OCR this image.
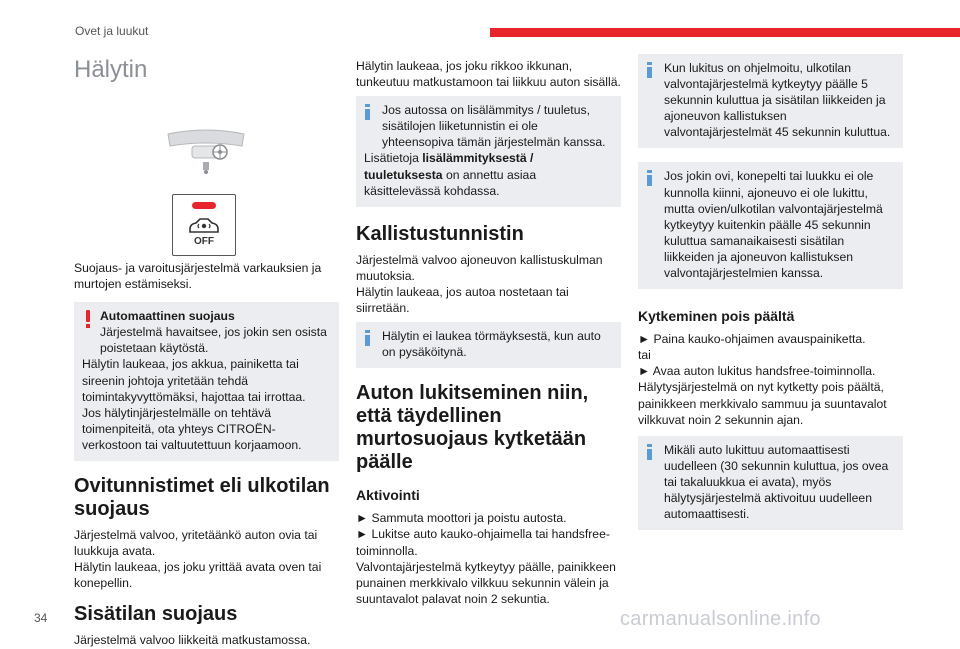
Ovet ja luukut
Hälytin
OFF

Suojaus- ja varoitusjärjestelmä varkauksien ja murtojen estämiseksi.

Automaattinen suojaus

Järjestelmä havaitsee, jos jokin sen osista poistetaan käytöstä.

Hälytin laukeaa, jos akkua, painiketta tai sireenin johtoja yritetään tehdä toimintakyvyttömäksi, hajottaa tai irrottaa.

Jos hälytinjärjestelmälle on tehtävä toimenpiteitä, ota yhteys CITROËN-verkostoon tai valtuutettuun korjaamoon.

Ovitunnistimet eli ulkotilan suojaus

Järjestelmä valvoo, yritetäänkö auton ovia tai luukkuja avata.

Hälytin laukeaa, jos joku yrittää avata oven tai konepellin.

Sisätilan suojaus

Järjestelmä valvoo liikkeitä matkustamossa.

Hälytin laukeaa, jos joku rikkoo ikkunan, tunkeutuu matkustamoon tai liikkuu auton sisällä.

Jos autossa on lisälämmitys / tuuletus, sisätilojen liiketunnistin ei ole yhteensopiva tämän järjestelmän kanssa.

Lisätietoja lisälämmityksestä / tuuletuksesta on annettu asiaa käsittelevässä kohdassa.

Kallistustunnistin

Järjestelmä valvoo ajoneuvon kallistuskulman muutoksia.

Hälytin laukeaa, jos autoa nostetaan tai siirretään.

Hälytin ei laukea törmäyksestä, kun auto on pysäköitynä.

Auton lukitseminen niin, että täydellinen murtosuojaus kytketään päälle
Aktivointi

► Sammuta moottori ja poistu autosta.

► Lukitse auto kauko-ohjaimella tai handsfree-toiminnolla.

Valvontajärjestelmä kytkeytyy päälle, painikkeen punainen merkkivalo vilkkuu sekunnin välein ja suuntavalot palavat noin 2 sekuntia.

Kun lukitus on ohjelmoitu, ulkotilan valvontajärjestelmä kytkeytyy päälle 5 sekunnin kuluttua ja sisätilan liikkeiden ja ajoneuvon kallistuksen valvontajärjestelmät 45 sekunnin kuluttua.

Jos jokin ovi, konepelti tai luukku ei ole kunnolla kiinni, ajoneuvo ei ole lukittu, mutta ovien/ulkotilan valvontajärjestelmä kytkeytyy kuitenkin päälle 45 sekunnin kuluttua samanaikaisesti sisätilan liikkeiden ja ajoneuvon kallistuksen valvontajärjestelmien kanssa.

Kytkeminen pois päältä

► Paina kauko-ohjaimen avauspainiketta.

tai

► Avaa auton lukitus handsfree-toiminnolla.

Hälytysjärjestelmä on nyt kytketty pois päältä, painikkeen merkkivalo sammuu ja suuntavalot vilkkuvat noin 2 sekunnin ajan.

Mikäli auto lukittuu automaattisesti uudelleen (30 sekunnin kuluttua, jos ovea tai takaluukkua ei avata), myös hälytysjärjestelmä aktivoituu uudelleen automaattisesti.

34	carmanualsonline.info
